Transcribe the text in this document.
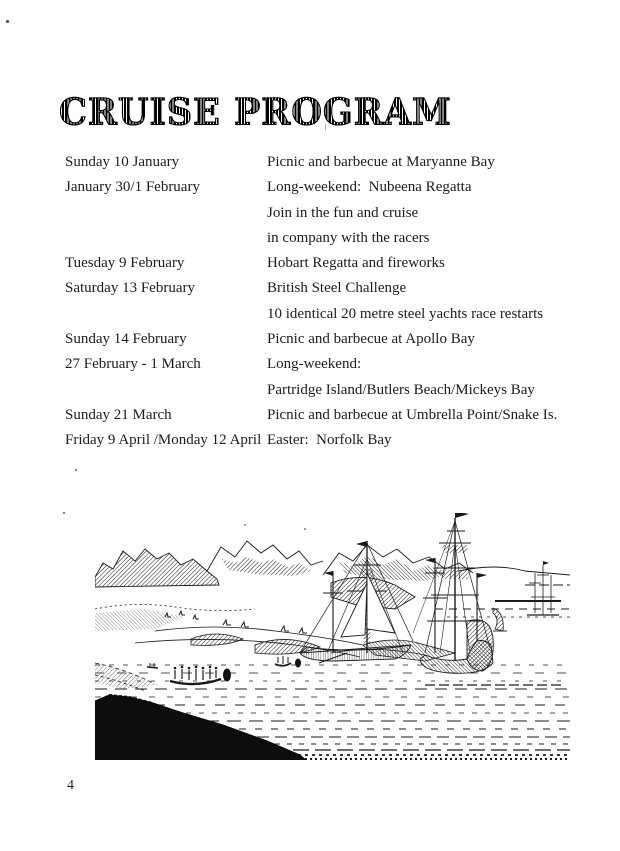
CRUISE PROGRAM
Sunday 10 January	Picnic and barbecue at Maryanne Bay
January 30/1 February	Long-weekend:  Nubeena Regatta
Join in the fun and cruise
in company with the racers
Tuesday 9 February	Hobart Regatta and fireworks
Saturday 13 February	British Steel Challenge
10 identical 20 metre steel yachts race restarts
Sunday 14 February	Picnic and barbecue at Apollo Bay
27 February - 1 March	Long-weekend:
Partridge Island/Butlers Beach/Mickeys Bay
Sunday 21 March	Picnic and barbecue at Umbrella Point/Snake Is.
Friday 9 April /Monday 12 April Easter:  Norfolk Bay
4
